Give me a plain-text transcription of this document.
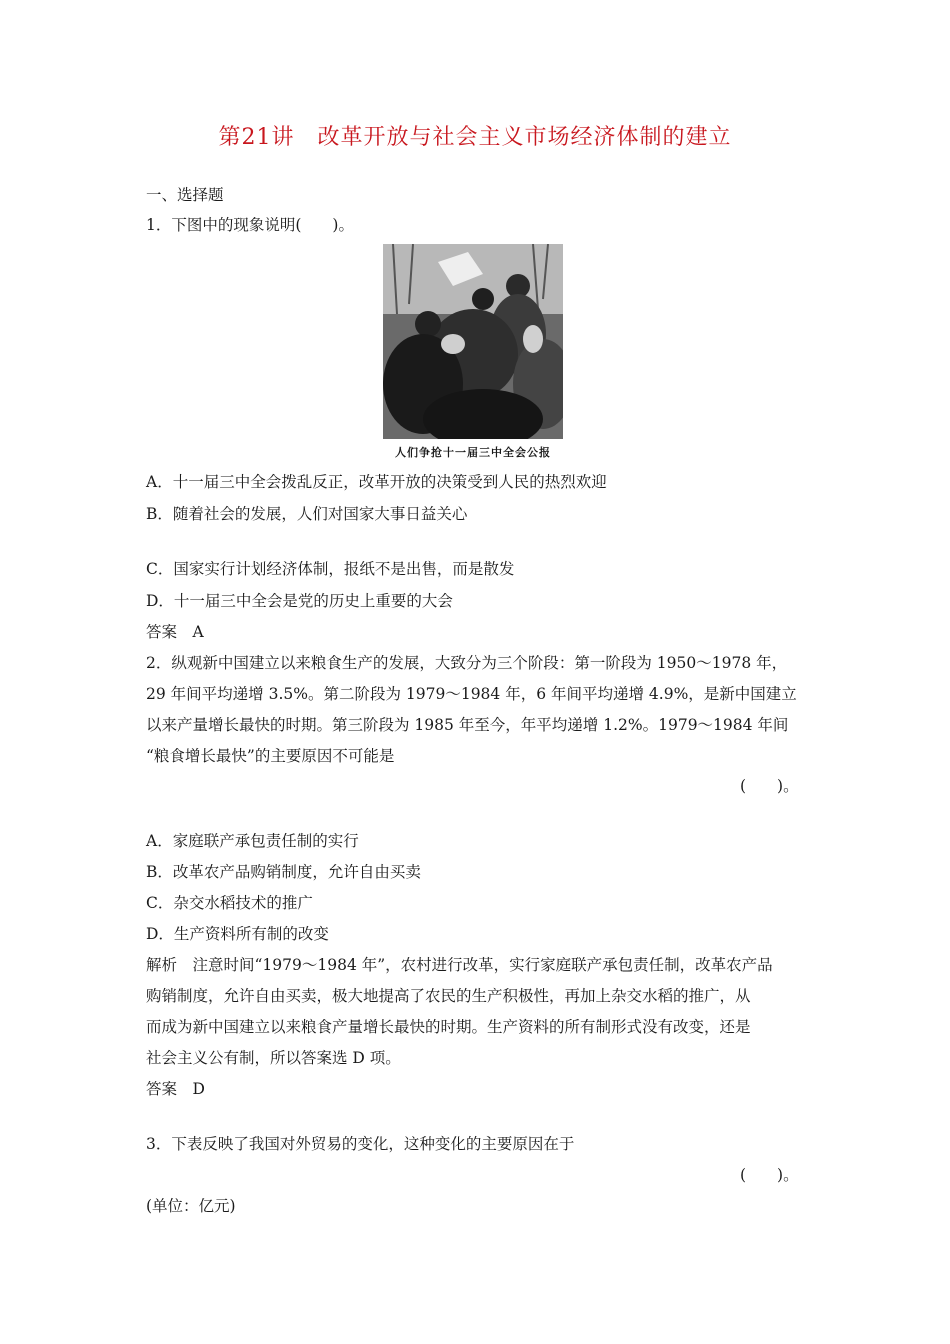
第21讲　改革开放与社会主义市场经济体制的建立
一、选择题
1．下图中的现象说明(　　)。
人们争抢十一届三中全会公报
A．十一届三中全会拨乱反正，改革开放的决策受到人民的热烈欢迎
B．随着社会的发展，人们对国家大事日益关心
C．国家实行计划经济体制，报纸不是出售，而是散发
D．十一届三中全会是党的历史上重要的大会
答案　A
2．纵观新中国建立以来粮食生产的发展，大致分为三个阶段：第一阶段为 1950～1978 年，
29 年间平均递增 3.5%。第二阶段为 1979～1984 年，6 年间平均递增 4.9%，是新中国建立
以来产量增长最快的时期。第三阶段为 1985 年至今，年平均递增 1.2%。1979～1984 年间
“粮食增长最快”的主要原因不可能是
(　　)。
A．家庭联产承包责任制的实行
B．改革农产品购销制度，允许自由买卖
C．杂交水稻技术的推广
D．生产资料所有制的改变
解析　注意时间“1979～1984 年”，农村进行改革，实行家庭联产承包责任制，改革农产品
购销制度，允许自由买卖，极大地提高了农民的生产积极性，再加上杂交水稻的推广，从
而成为新中国建立以来粮食产量增长最快的时期。生产资料的所有制形式没有改变，还是
社会主义公有制，所以答案选 D 项。
答案　D
3．下表反映了我国对外贸易的变化，这种变化的主要原因在于
(　　)。
(单位：亿元)
